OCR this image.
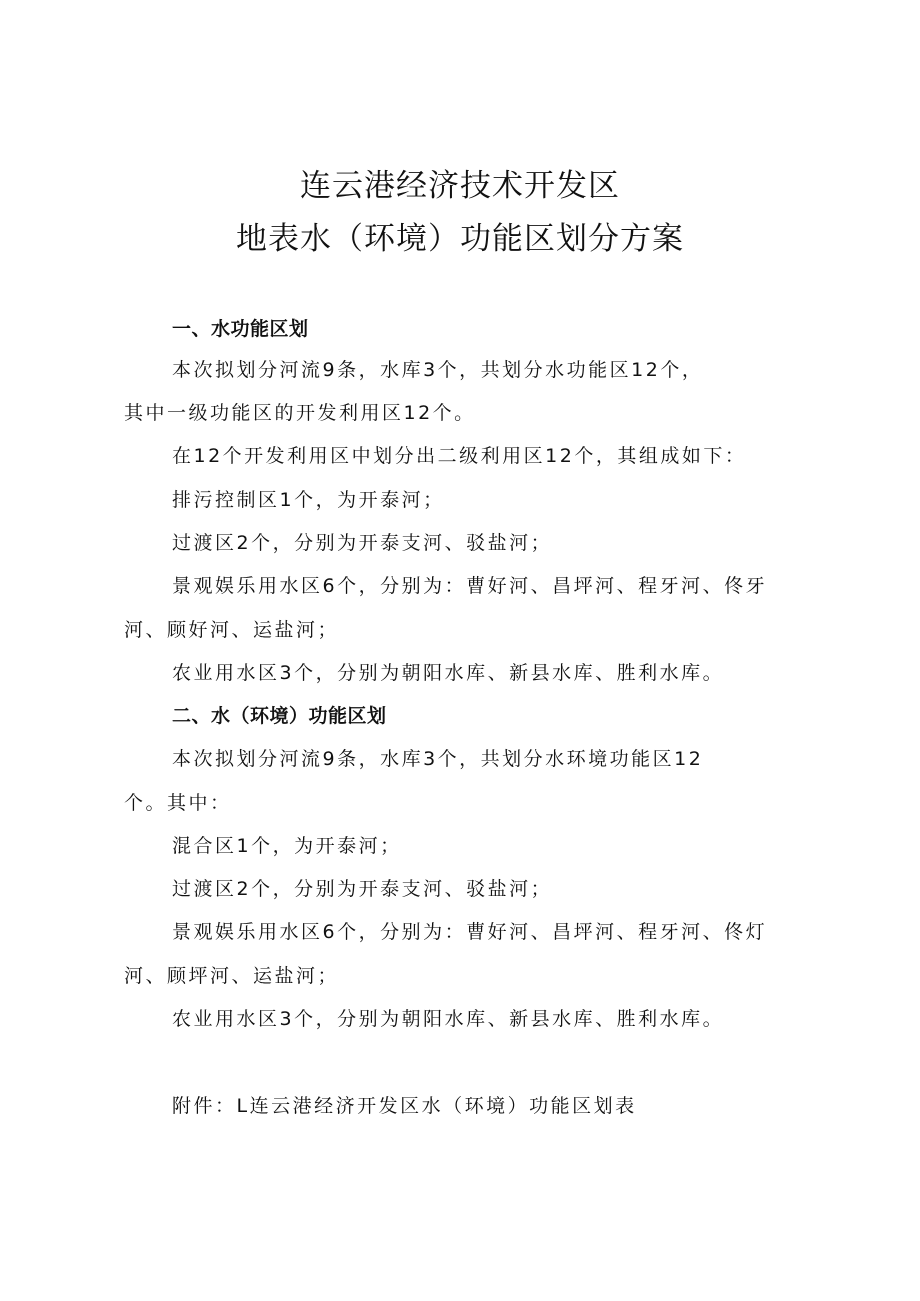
连云港经济技术开发区
地表水（环境）功能区划分方案

一、水功能区划

本次拟划分河流9条，水库3个，共划分水功能区12个，

其中一级功能区的开发利用区12个。

在12个开发利用区中划分出二级利用区12个，其组成如下：

排污控制区1个，为开泰河；

过渡区2个，分别为开泰支河、驳盐河；

景观娱乐用水区6个，分别为：曹好河、昌坪河、程牙河、佟牙

河、顾好河、运盐河；

农业用水区3个，分别为朝阳水库、新县水库、胜利水库。

二、水（环境）功能区划

本次拟划分河流9条，水库3个，共划分水环境功能区12

个。其中：

混合区1个，为开泰河；

过渡区2个，分别为开泰支河、驳盐河；

景观娱乐用水区6个，分别为：曹好河、昌坪河、程牙河、佟灯

河、顾坪河、运盐河；

农业用水区3个，分别为朝阳水库、新县水库、胜利水库。

附件：L连云港经济开发区水（环境）功能区划表
